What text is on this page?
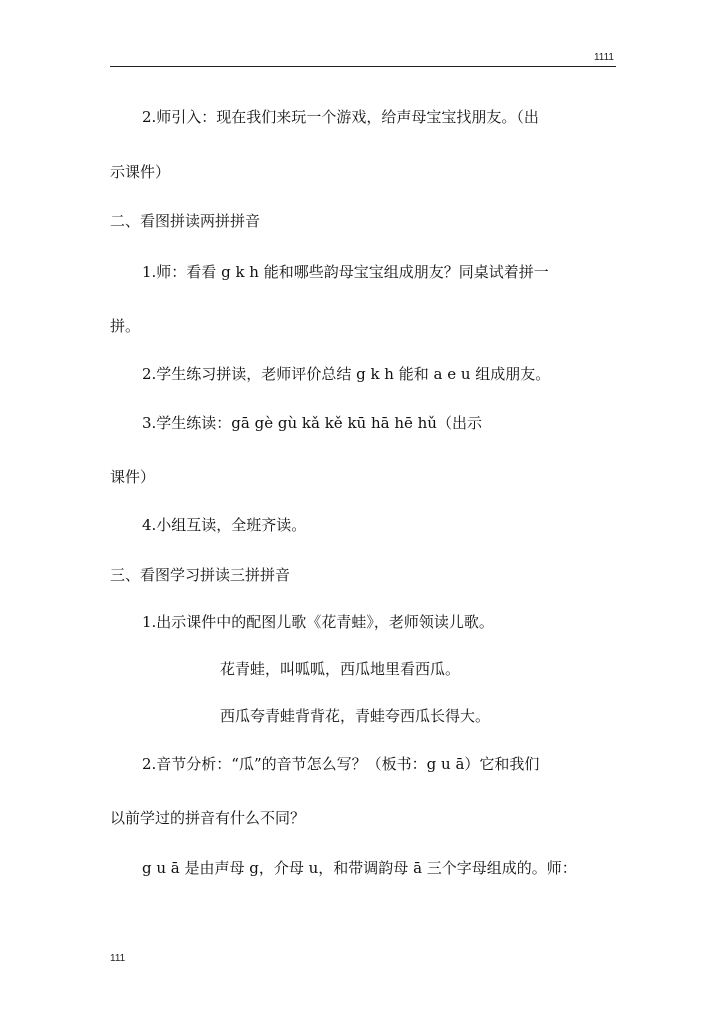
1111
2.师引入：现在我们来玩一个游戏，给声母宝宝找朋友。（出
示课件）
二、看图拼读两拼拼音
1.师：看看 g k h 能和哪些韵母宝宝组成朋友？同桌试着拼一
拼。
2.学生练习拼读，老师评价总结 g k h 能和 a e u 组成朋友。
3.学生练读：gā gè gù kǎ kě kū hā hē hǔ（出示
课件）
4.小组互读，全班齐读。
三、看图学习拼读三拼拼音
1.出示课件中的配图儿歌《花青蛙》，老师领读儿歌。
花青蛙，叫呱呱，西瓜地里看西瓜。
西瓜夸青蛙背背花，青蛙夸西瓜长得大。
2.音节分析：“瓜”的音节怎么写？（板书：g u ā）它和我们
以前学过的拼音有什么不同？
g u ā 是由声母 g，介母 u，和带调韵母 ā 三个字母组成的。师：
111
